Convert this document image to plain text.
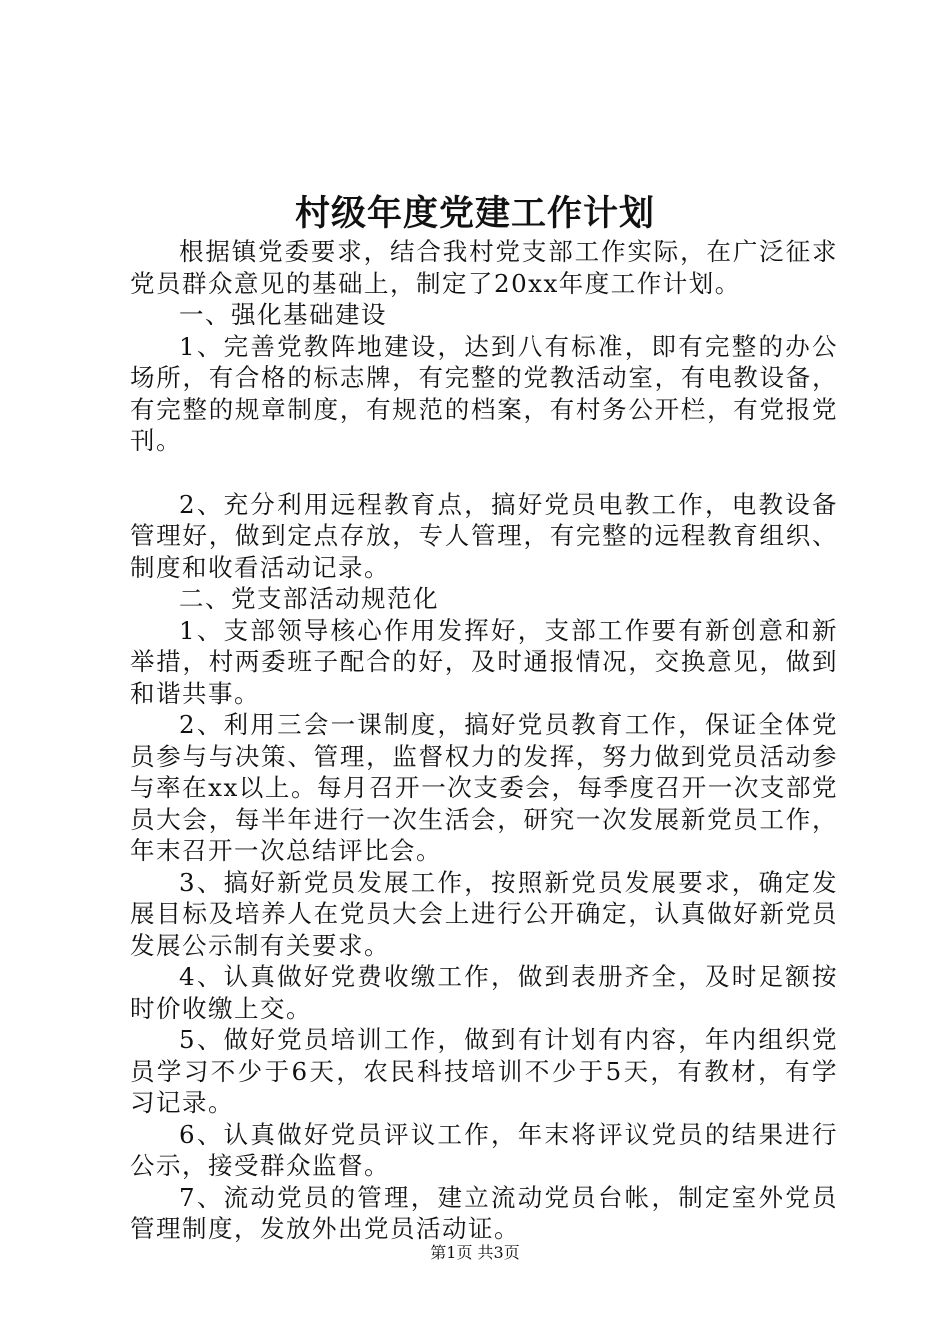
村级年度党建工作计划

根据镇党委要求，结合我村党支部工作实际，在广泛征求党员群众意见的基础上，制定了20xx年度工作计划。

一、强化基础建设

1、完善党教阵地建设，达到八有标准，即有完整的办公场所，有合格的标志牌，有完整的党教活动室，有电教设备，有完整的规章制度，有规范的档案，有村务公开栏，有党报党刊。

2、充分利用远程教育点，搞好党员电教工作，电教设备管理好，做到定点存放，专人管理，有完整的远程教育组织、制度和收看活动记录。

二、党支部活动规范化

1、支部领导核心作用发挥好，支部工作要有新创意和新举措，村两委班子配合的好，及时通报情况，交换意见，做到和谐共事。

2、利用三会一课制度，搞好党员教育工作，保证全体党员参与与决策、管理，监督权力的发挥，努力做到党员活动参与率在xx以上。每月召开一次支委会，每季度召开一次支部党员大会，每半年进行一次生活会，研究一次发展新党员工作，年末召开一次总结评比会。

3、搞好新党员发展工作，按照新党员发展要求，确定发展目标及培养人在党员大会上进行公开确定，认真做好新党员发展公示制有关要求。

4、认真做好党费收缴工作，做到表册齐全，及时足额按时价收缴上交。

5、做好党员培训工作，做到有计划有内容，年内组织党员学习不少于6天，农民科技培训不少于5天，有教材，有学习记录。

6、认真做好党员评议工作，年末将评议党员的结果进行公示，接受群众监督。

7、流动党员的管理，建立流动党员台帐，制定室外党员管理制度，发放外出党员活动证。

第1页 共3页
